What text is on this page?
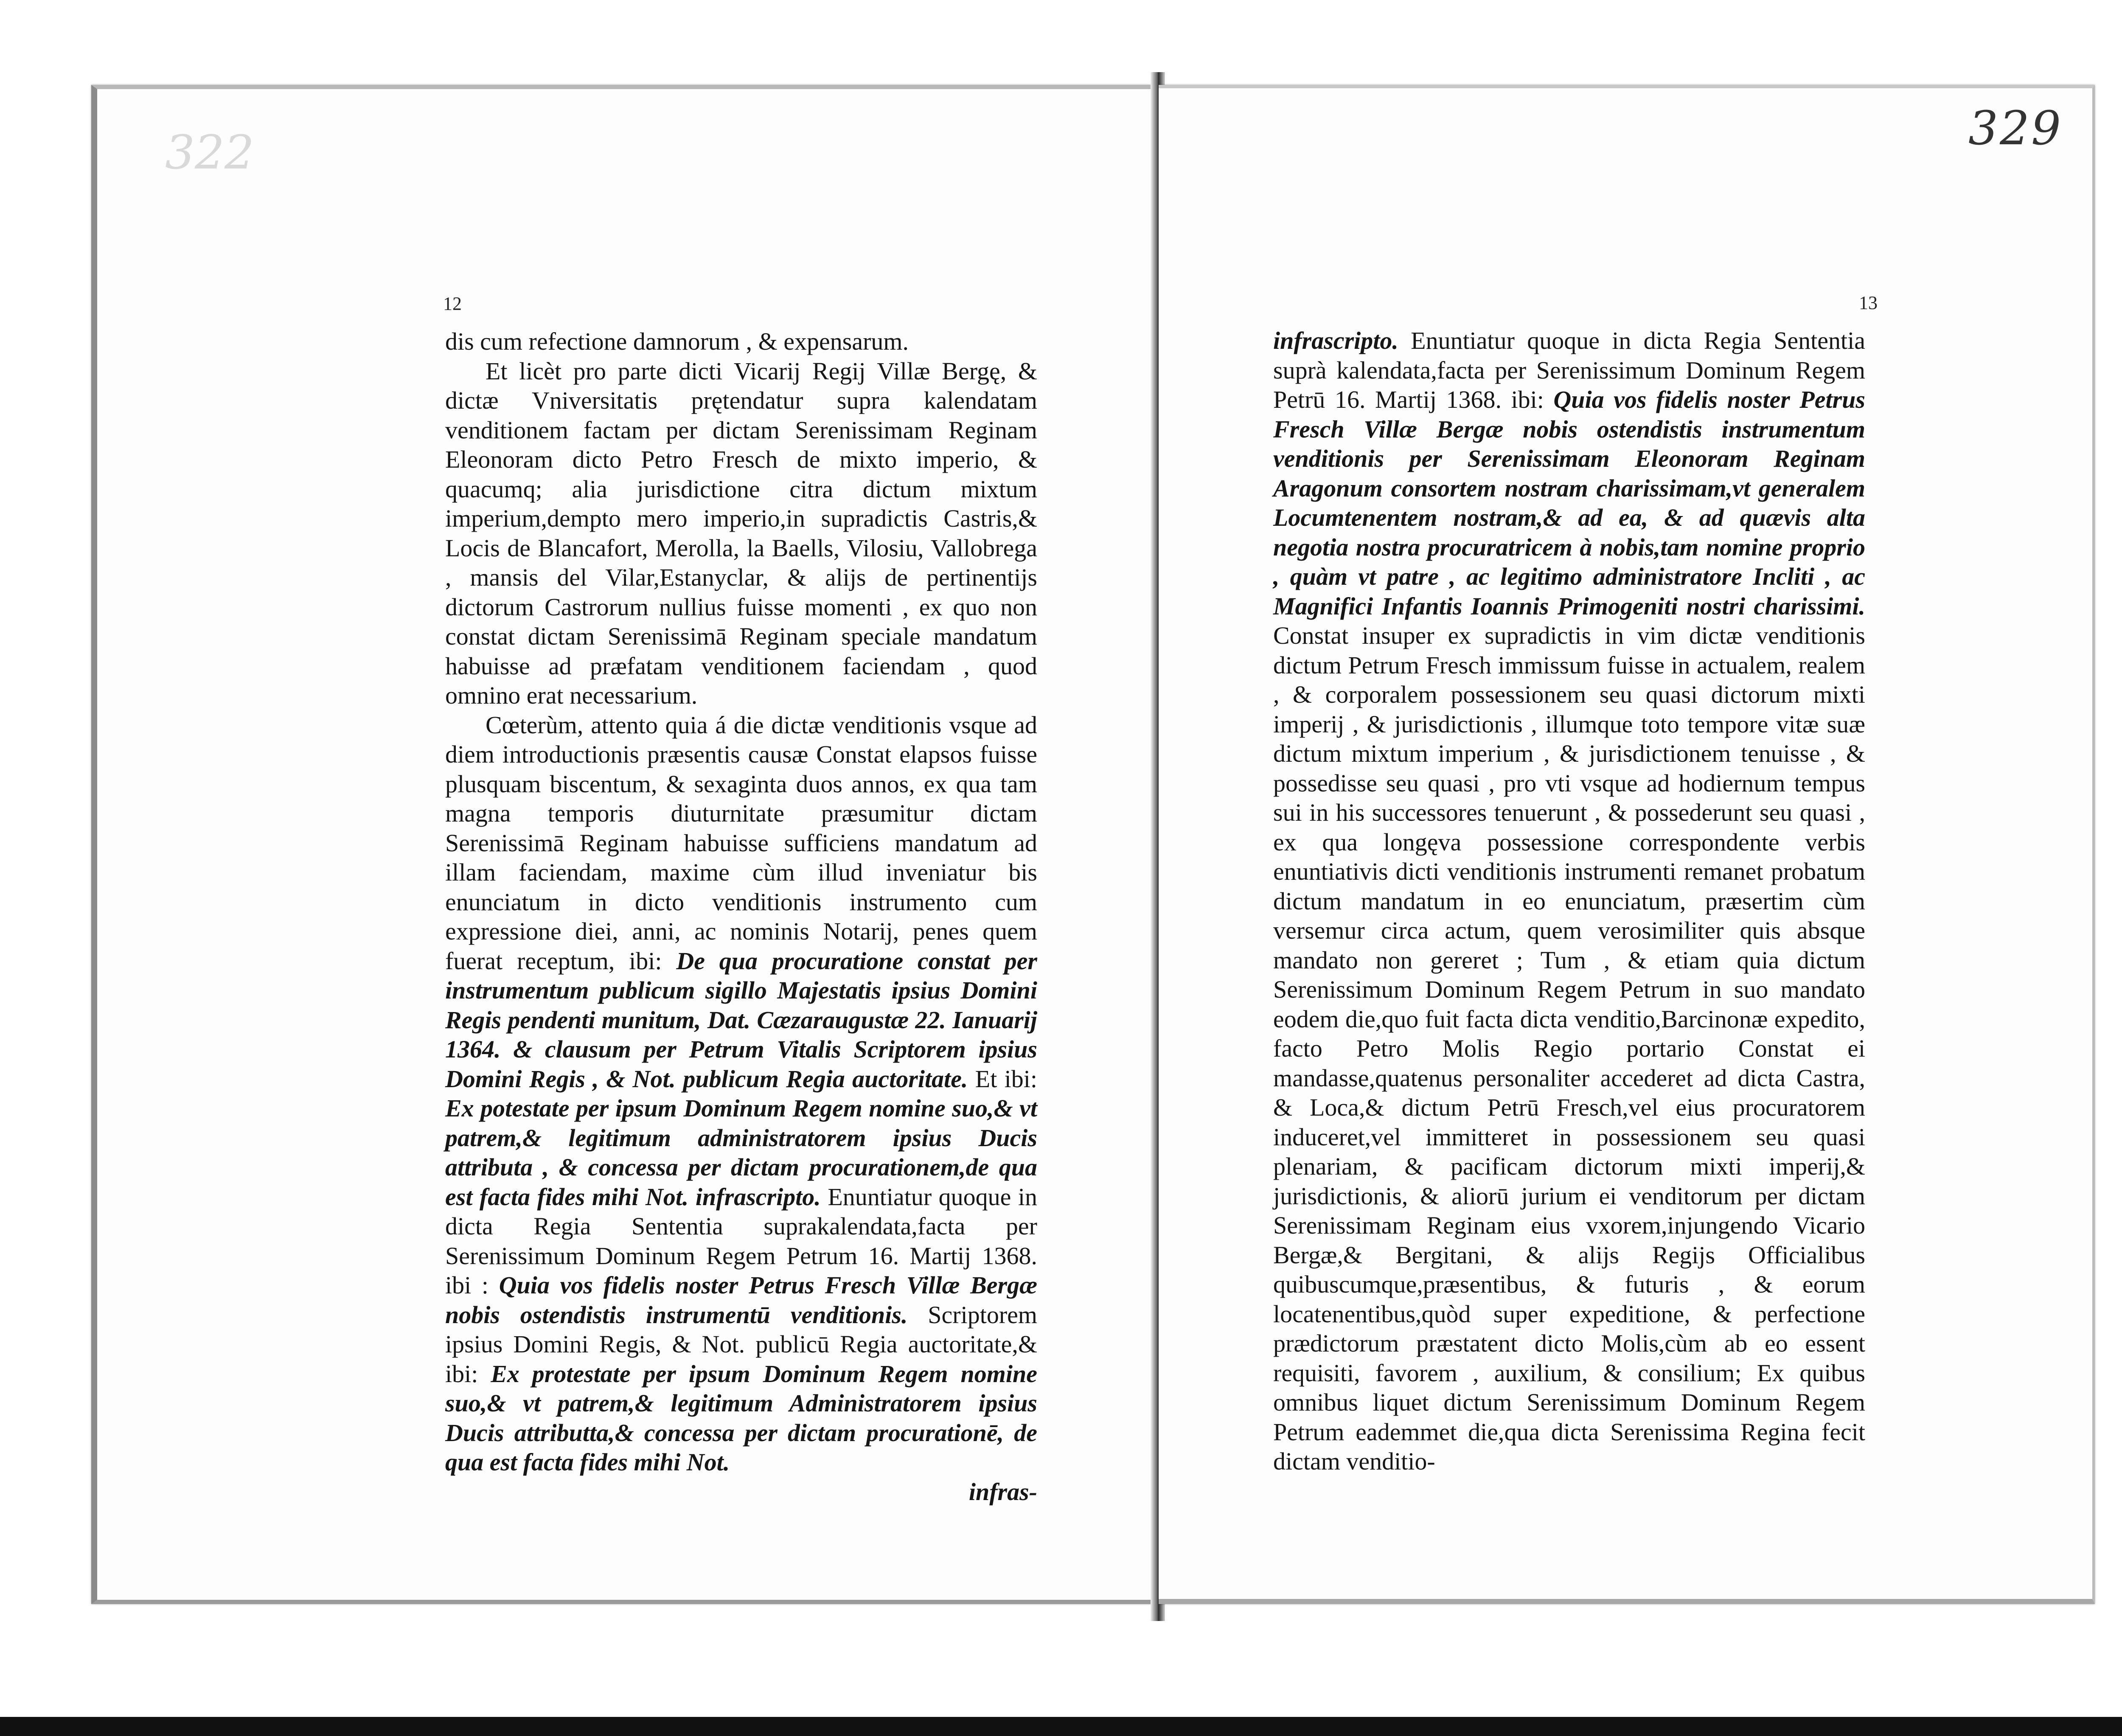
322
12

dis cum refectione damnorum , & expensarum.

Et licèt pro parte dicti Vicarij Regij Villæ Bergę, & dictæ Vniversitatis prętendatur supra kalendatam venditionem factam per dictam Serenissimam Reginam Eleonoram dicto Petro Fresch de mixto imperio, & quacumq; alia jurisdictione citra dictum mixtum imperium,dempto mero imperio,in supradictis Castris,& Locis de Blancafort, Merolla, la Baells, Vilosiu, Vallobrega , mansis del Vilar,Estanyclar, & alijs de pertinentijs dictorum Castrorum nullius fuisse momenti , ex quo non constat dictam Serenissimā Reginam speciale mandatum habuisse ad præfatam venditionem faciendam , quod omnino erat necessarium.

Cœterùm, attento quia á die dictæ venditionis vsque ad diem introductionis præsentis causæ Constat elapsos fuisse plusquam biscentum, & sexaginta duos annos, ex qua tam magna temporis diuturnitate præsumitur dictam Serenissimā Reginam habuisse sufficiens mandatum ad illam faciendam, maxime cùm illud inveniatur bis enunciatum in dicto venditionis instrumento cum expressione diei, anni, ac nominis Notarij, penes quem fuerat receptum, ibi: De qua procuratione constat per instrumentum publicum sigillo Majestatis ipsius Domini Regis pendenti munitum, Dat. Cæzaraugustæ 22. Ianuarij 1364. & clausum per Petrum Vitalis Scriptorem ipsius Domini Regis , & Not. publicum Regia auctoritate. Et ibi: Ex potestate per ipsum Dominum Regem nomine suo,& vt patrem,& legitimum administratorem ipsius Ducis attributa , & concessa per dictam procurationem,de qua est facta fides mihi Not. infrascripto. Enuntiatur quoque in dicta Regia Sententia suprakalendata,facta per Serenissimum Dominum Regem Petrum 16. Martij 1368. ibi : Quia vos fidelis noster Petrus Fresch Villæ Bergæ nobis ostendistis instrumentū venditionis. Scriptorem ipsius Domini Regis, & Not. publicū Regia auctoritate,& ibi: Ex protestate per ipsum Dominum Regem nomine suo,& vt patrem,& legitimum Administratorem ipsius Ducis attributta,& concessa per dictam procurationē, de qua est facta fides mihi Not.

infras-
329
13

infrascripto. Enuntiatur quoque in dicta Regia Sententia suprà kalendata,facta per Serenissimum Dominum Regem Petrū 16. Martij 1368. ibi: Quia vos fidelis noster Petrus Fresch Villæ Bergæ nobis ostendistis instrumentum venditionis per Serenissimam Eleonoram Reginam Aragonum consortem nostram charissimam,vt generalem Locumtenentem nostram,& ad ea, & ad quævis alta negotia nostra procuratricem à nobis,tam nomine proprio , quàm vt patre , ac legitimo administratore Incliti , ac Magnifici Infantis Ioannis Primogeniti nostri charissimi. Constat insuper ex supradictis in vim dictæ venditionis dictum Petrum Fresch immissum fuisse in actualem, realem , & corporalem possessionem seu quasi dictorum mixti imperij , & jurisdictionis , illumque toto tempore vitæ suæ dictum mixtum imperium , & jurisdictionem tenuisse , & possedisse seu quasi , pro vti vsque ad hodiernum tempus sui in his successores tenuerunt , & possederunt seu quasi , ex qua longęva possessione correspondente verbis enuntiativis dicti venditionis instrumenti remanet probatum dictum mandatum in eo enunciatum, præsertim cùm versemur circa actum, quem verosimiliter quis absque mandato non gereret ; Tum , & etiam quia dictum Serenissimum Dominum Regem Petrum in suo mandato eodem die,quo fuit facta dicta venditio,Barcinonæ expedito, facto Petro Molis Regio portario Constat ei mandasse,quatenus personaliter accederet ad dicta Castra, & Loca,& dictum Petrū Fresch,vel eius procuratorem induceret,vel immitteret in possessionem seu quasi plenariam, & pacificam dictorum mixti imperij,& jurisdictionis, & aliorū jurium ei venditorum per dictam Serenissimam Reginam eius vxorem,injungendo Vicario Bergæ,& Bergitani, & alijs Regijs Officialibus quibuscumque,præsentibus, & futuris , & eorum locatenentibus,quòd super expeditione, & perfectione prædictorum præstatent dicto Molis,cùm ab eo essent requisiti, favorem , auxilium, & consilium; Ex quibus omnibus liquet dictum Serenissimum Dominum Regem Petrum eademmet die,qua dicta Serenissima Regina fecit dictam venditio-
